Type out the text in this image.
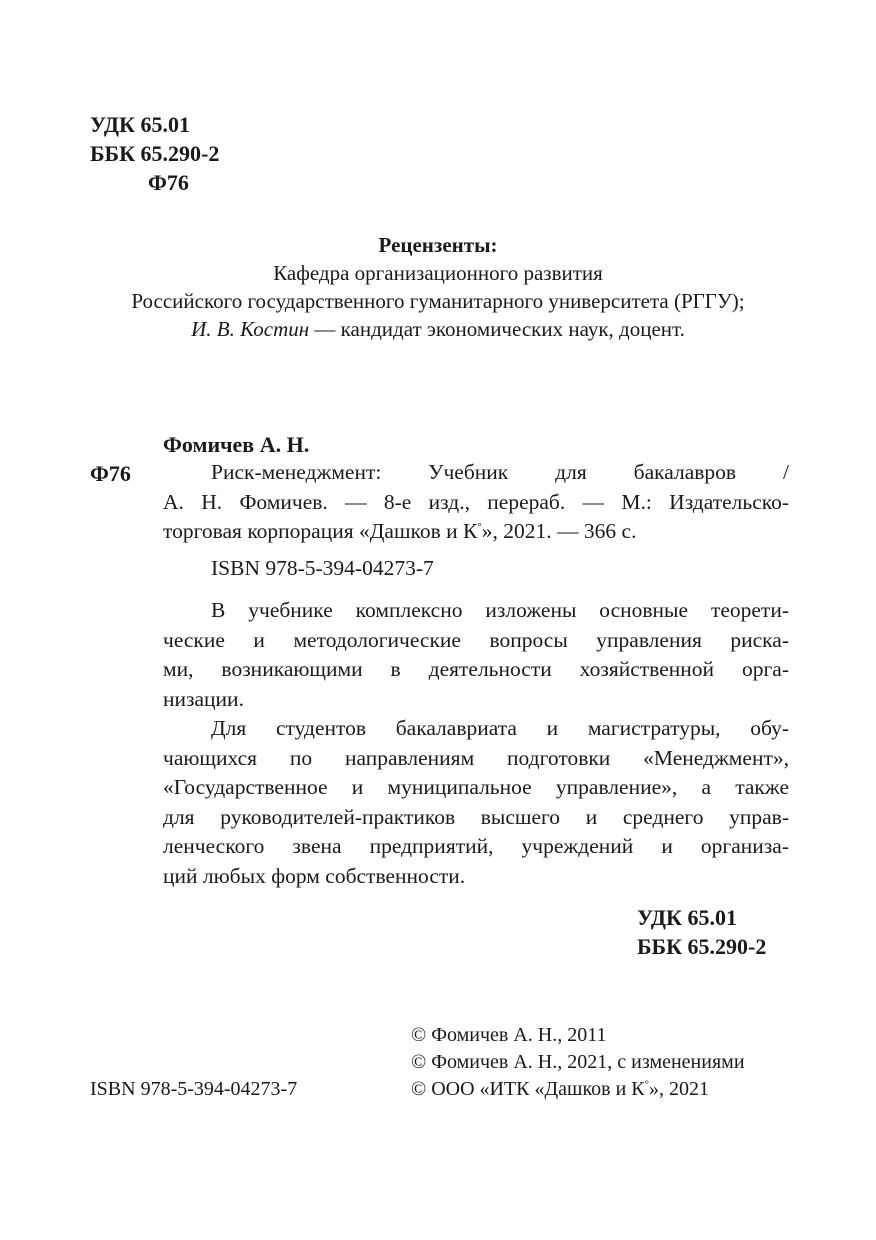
УДК 65.01
ББК 65.290-2
Ф76
Рецензенты:
Кафедра организационного развития
Российского государственного гуманитарного университета (РГГУ);
И. В. Костин — кандидат экономических наук, доцент.
Фомичев А. Н.
Ф76	Риск-менеджмент: Учебник для бакалавров /
А. Н. Фомичев. — 8-е изд., перераб. — М.: Издательско-
торговая корпорация «Дашков и К°», 2021. — 366 с.
ISBN 978-5-394-04273-7
В учебнике комплексно изложены основные теорети-
ческие и методологические вопросы управления риска-
ми, возникающими в деятельности хозяйственной орга-
низации.
Для студентов бакалавриата и магистратуры, обу-
чающихся по направлениям подготовки «Менеджмент»,
«Государственное и муниципальное управление», а также
для руководителей-практиков высшего и среднего управ-
ленческого звена предприятий, учреждений и организа-
ций любых форм собственности.
УДК 65.01
ББК 65.290-2
© Фомичев А. Н., 2011
© Фомичев А. Н., 2021, с изменениями
ISBN 978-5-394-04273-7	© ООО «ИТК «Дашков и К°», 2021
